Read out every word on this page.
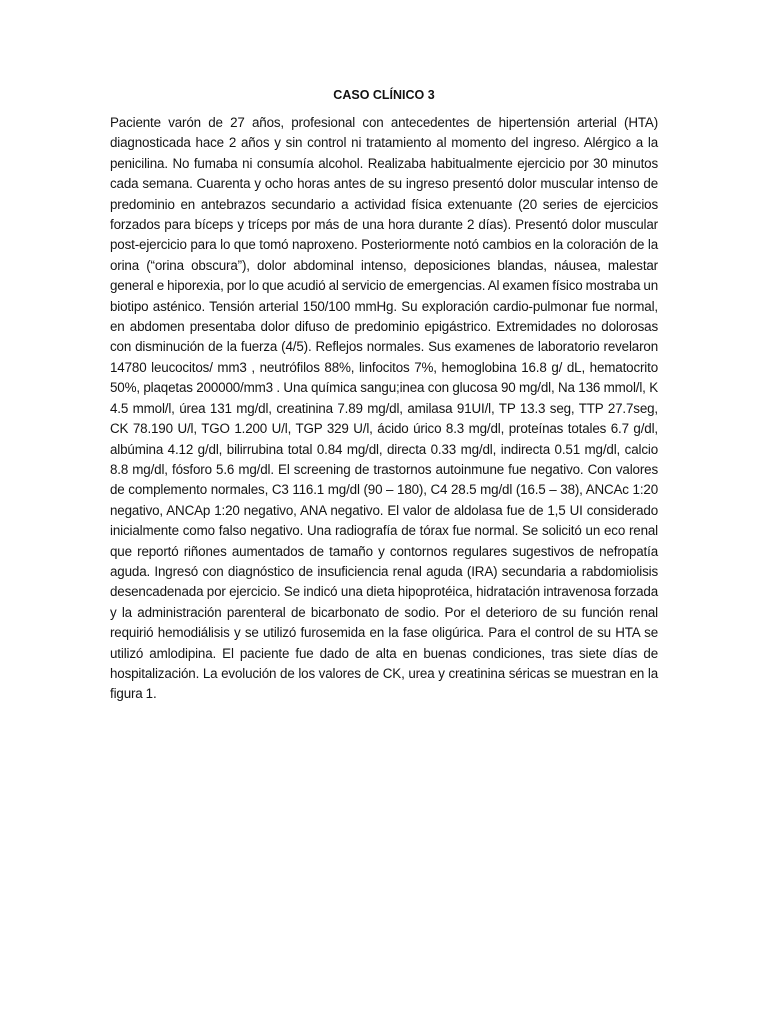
CASO CLÍNICO 3

Paciente varón de 27 años, profesional con antecedentes de hipertensión arterial (HTA) diagnosticada hace 2 años y sin control ni tratamiento al momento del ingreso. Alérgico a la penicilina. No fumaba ni consumía alcohol. Realizaba habitualmente ejercicio por 30 minutos cada semana. Cuarenta y ocho horas antes de su ingreso presentó dolor muscular intenso de predominio en antebrazos secundario a actividad física extenuante (20 series de ejercicios forzados para bíceps y tríceps por más de una hora durante 2 días). Presentó dolor muscular post-ejercicio para lo que tomó naproxeno. Posteriormente notó cambios en la coloración de la orina (“orina obscura”), dolor abdominal intenso, deposiciones blandas, náusea, malestar general e hiporexia, por lo que acudió al servicio de emergencias. Al examen físico mostraba un biotipo asténico. Tensión arterial 150/100 mmHg. Su exploración cardio-pulmonar fue normal, en abdomen presentaba dolor difuso de predominio epigástrico. Extremidades no dolorosas con disminución de la fuerza (4/5). Reflejos normales. Sus examenes de laboratorio revelaron 14780 leucocitos/ mm3 , neutrófilos 88%, linfocitos 7%, hemoglobina 16.8 g/ dL, hematocrito 50%, plaqetas 200000/mm3 . Una química sangu;inea con glucosa 90 mg/dl, Na 136 mmol/l, K 4.5 mmol/l, úrea 131 mg/dl, creatinina 7.89 mg/dl, amilasa 91UI/l, TP 13.3 seg, TTP 27.7seg, CK 78.190 U/l, TGO 1.200 U/l, TGP 329 U/l, ácido úrico 8.3 mg/dl, proteínas totales 6.7 g/dl, albúmina 4.12 g/dl, bilirrubina total 0.84 mg/dl, directa 0.33 mg/dl, indirecta 0.51 mg/dl, calcio 8.8 mg/dl, fósforo 5.6 mg/dl. El screening de trastornos autoinmune fue negativo. Con valores de complemento normales, C3 116.1 mg/dl (90 – 180), C4 28.5 mg/dl (16.5 – 38), ANCAc 1:20 negativo, ANCAp 1:20 negativo, ANA negativo. El valor de aldolasa fue de 1,5 UI considerado inicialmente como falso negativo. Una radiografía de tórax fue normal. Se solicitó un eco renal que reportó riñones aumentados de tamaño y contornos regulares sugestivos de nefropatía aguda. Ingresó con diagnóstico de insuficiencia renal aguda (IRA) secundaria a rabdomiolisis desencadenada por ejercicio. Se indicó una dieta hipoprotéica, hidratación intravenosa forzada y la administración parenteral de bicarbonato de sodio. Por el deterioro de su función renal requirió hemodiálisis y se utilizó furosemida en la fase oligúrica. Para el control de su HTA se utilizó amlodipina. El paciente fue dado de alta en buenas condiciones, tras siete días de hospitalización. La evolución de los valores de CK, urea y creatinina séricas se muestran en la figura 1.
